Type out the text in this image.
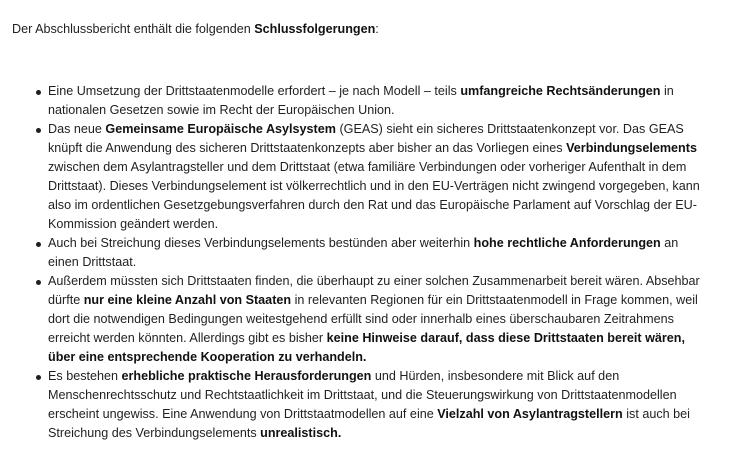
Der Abschlussbericht enthält die folgenden Schlussfolgerungen:

Eine Umsetzung der Drittstaatenmodelle erfordert – je nach Modell – teils umfangreiche Rechtsänderungen in nationalen Gesetzen sowie im Recht der Europäischen Union.
Das neue Gemeinsame Europäische Asylsystem (GEAS) sieht ein sicheres Drittstaatenkonzept vor. Das GEAS knüpft die Anwendung des sicheren Drittstaatenkonzepts aber bisher an das Vorliegen eines Verbindungselements zwischen dem Asylantragsteller und dem Drittstaat (etwa familiäre Verbindungen oder vorheriger Aufenthalt in dem Drittstaat). Dieses Verbindungselement ist völkerrechtlich und in den EU-Verträgen nicht zwingend vorgegeben, kann also im ordentlichen Gesetzgebungsverfahren durch den Rat und das Europäische Parlament auf Vorschlag der EU-Kommission geändert werden.
Auch bei Streichung dieses Verbindungselements bestünden aber weiterhin hohe rechtliche Anforderungen an einen Drittstaat.
Außerdem müssten sich Drittstaaten finden, die überhaupt zu einer solchen Zusammenarbeit bereit wären. Absehbar dürfte nur eine kleine Anzahl von Staaten in relevanten Regionen für ein Drittstaatenmodell in Frage kommen, weil dort die notwendigen Bedingungen weitestgehend erfüllt sind oder innerhalb eines überschaubaren Zeitrahmens erreicht werden könnten. Allerdings gibt es bisher keine Hinweise darauf, dass diese Drittstaaten bereit wären, über eine entsprechende Kooperation zu verhandeln.
Es bestehen erhebliche praktische Herausforderungen und Hürden, insbesondere mit Blick auf den Menschenrechtsschutz und Rechtstaatlichkeit im Drittstaat, und die Steuerungswirkung von Drittstaatenmodellen erscheint ungewiss. Eine Anwendung von Drittstaatmodellen auf eine Vielzahl von Asylantragstellern ist auch bei Streichung des Verbindungselements unrealistisch.
